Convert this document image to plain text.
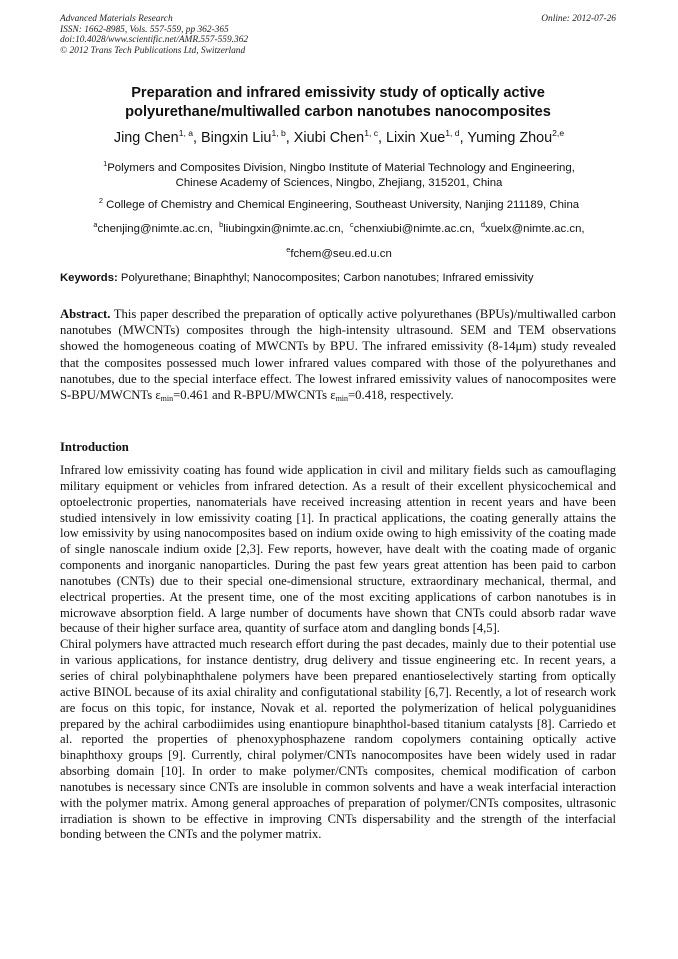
Advanced Materials Research
ISSN: 1662-8985, Vols. 557-559, pp 362-365
doi:10.4028/www.scientific.net/AMR.557-559.362
© 2012 Trans Tech Publications Ltd, Switzerland
Online: 2012-07-26
Preparation and infrared emissivity study of optically active
polyurethane/multiwalled carbon nanotubes nanocomposites
Jing Chen$^{1, a}$, Bingxin Liu$^{1, b}$, Xiubi Chen$^{1, c}$, Lixin Xue$^{1, d}$, Yuming Zhou$^{2,e}$
$^1$Polymers and Composites Division, Ningbo Institute of Material Technology and Engineering,
Chinese Academy of Sciences, Ningbo, Zhejiang, 315201, China
$^2$ College of Chemistry and Chemical Engineering, Southeast University, Nanjing 211189, China
$^a$chenjing@nimte.ac.cn, $^b$liubingxin@nimte.ac.cn, $^c$chenxiubi@nimte.ac.cn, $^d$xuelx@nimte.ac.cn,
$^e$fchem@seu.ed.u.cn
Keywords: Polyurethane; Binaphthyl; Nanocomposites; Carbon nanotubes; Infrared emissivity
Abstract. This paper described the preparation of optically active polyurethanes (BPUs)/multiwalled carbon nanotubes (MWCNTs) composites through the high-intensity ultrasound. SEM and TEM observations showed the homogeneous coating of MWCNTs by BPU. The infrared emissivity (8-14μm) study revealed that the composites possessed much lower infrared values compared with those of the polyurethanes and nanotubes, due to the special interface effect. The lowest infrared emissivity values of nanocomposites were S-BPU/MWCNTs $\varepsilon_{min}=0.461$ and R-BPU/MWCNTs $\varepsilon_{min}=0.418$, respectively.
Introduction

Infrared low emissivity coating has found wide application in civil and military fields such as camouflaging military equipment or vehicles from infrared detection. As a result of their excellent physicochemical and optoelectronic properties, nanomaterials have received increasing attention in recent years and have been studied intensively in low emissivity coating [1]. In practical applications, the coating generally attains the low emissivity by using nanocomposites based on indium oxide owing to high emissivity of the coating made of single nanoscale indium oxide [2,3]. Few reports, however, have dealt with the coating made of organic components and inorganic nanoparticles. During the past few years great attention has been paid to carbon nanotubes (CNTs) due to their special one-dimensional structure, extraordinary mechanical, thermal, and electrical properties. At the present time, one of the most exciting applications of carbon nanotubes is in microwave absorption field. A large number of documents have shown that CNTs could absorb radar wave because of their higher surface area, quantity of surface atom and dangling bonds [4,5].

Chiral polymers have attracted much research effort during the past decades, mainly due to their potential use in various applications, for instance dentistry, drug delivery and tissue engineering etc. In recent years, a series of chiral polybinaphthalene polymers have been prepared enantioselectively starting from optically active BINOL because of its axial chirality and configutational stability [6,7]. Recently, a lot of research work are focus on this topic, for instance, Novak et al. reported the polymerization of helical polyguanidines prepared by the achiral carbodiimides using enantiopure binaphthol-based titanium catalysts [8]. Carriedo et al. reported the properties of phenoxyphosphazene random copolymers containing optically active binaphthoxy groups [9]. Currently, chiral polymer/CNTs nanocomposites have been widely used in radar absorbing domain [10]. In order to make polymer/CNTs composites, chemical modification of carbon nanotubes is necessary since CNTs are insoluble in common solvents and have a weak interfacial interaction with the polymer matrix. Among general approaches of preparation of polymer/CNTs composites, ultrasonic irradiation is shown to be effective in improving CNTs dispersability and the strength of the interfacial bonding between the CNTs and the polymer matrix.
